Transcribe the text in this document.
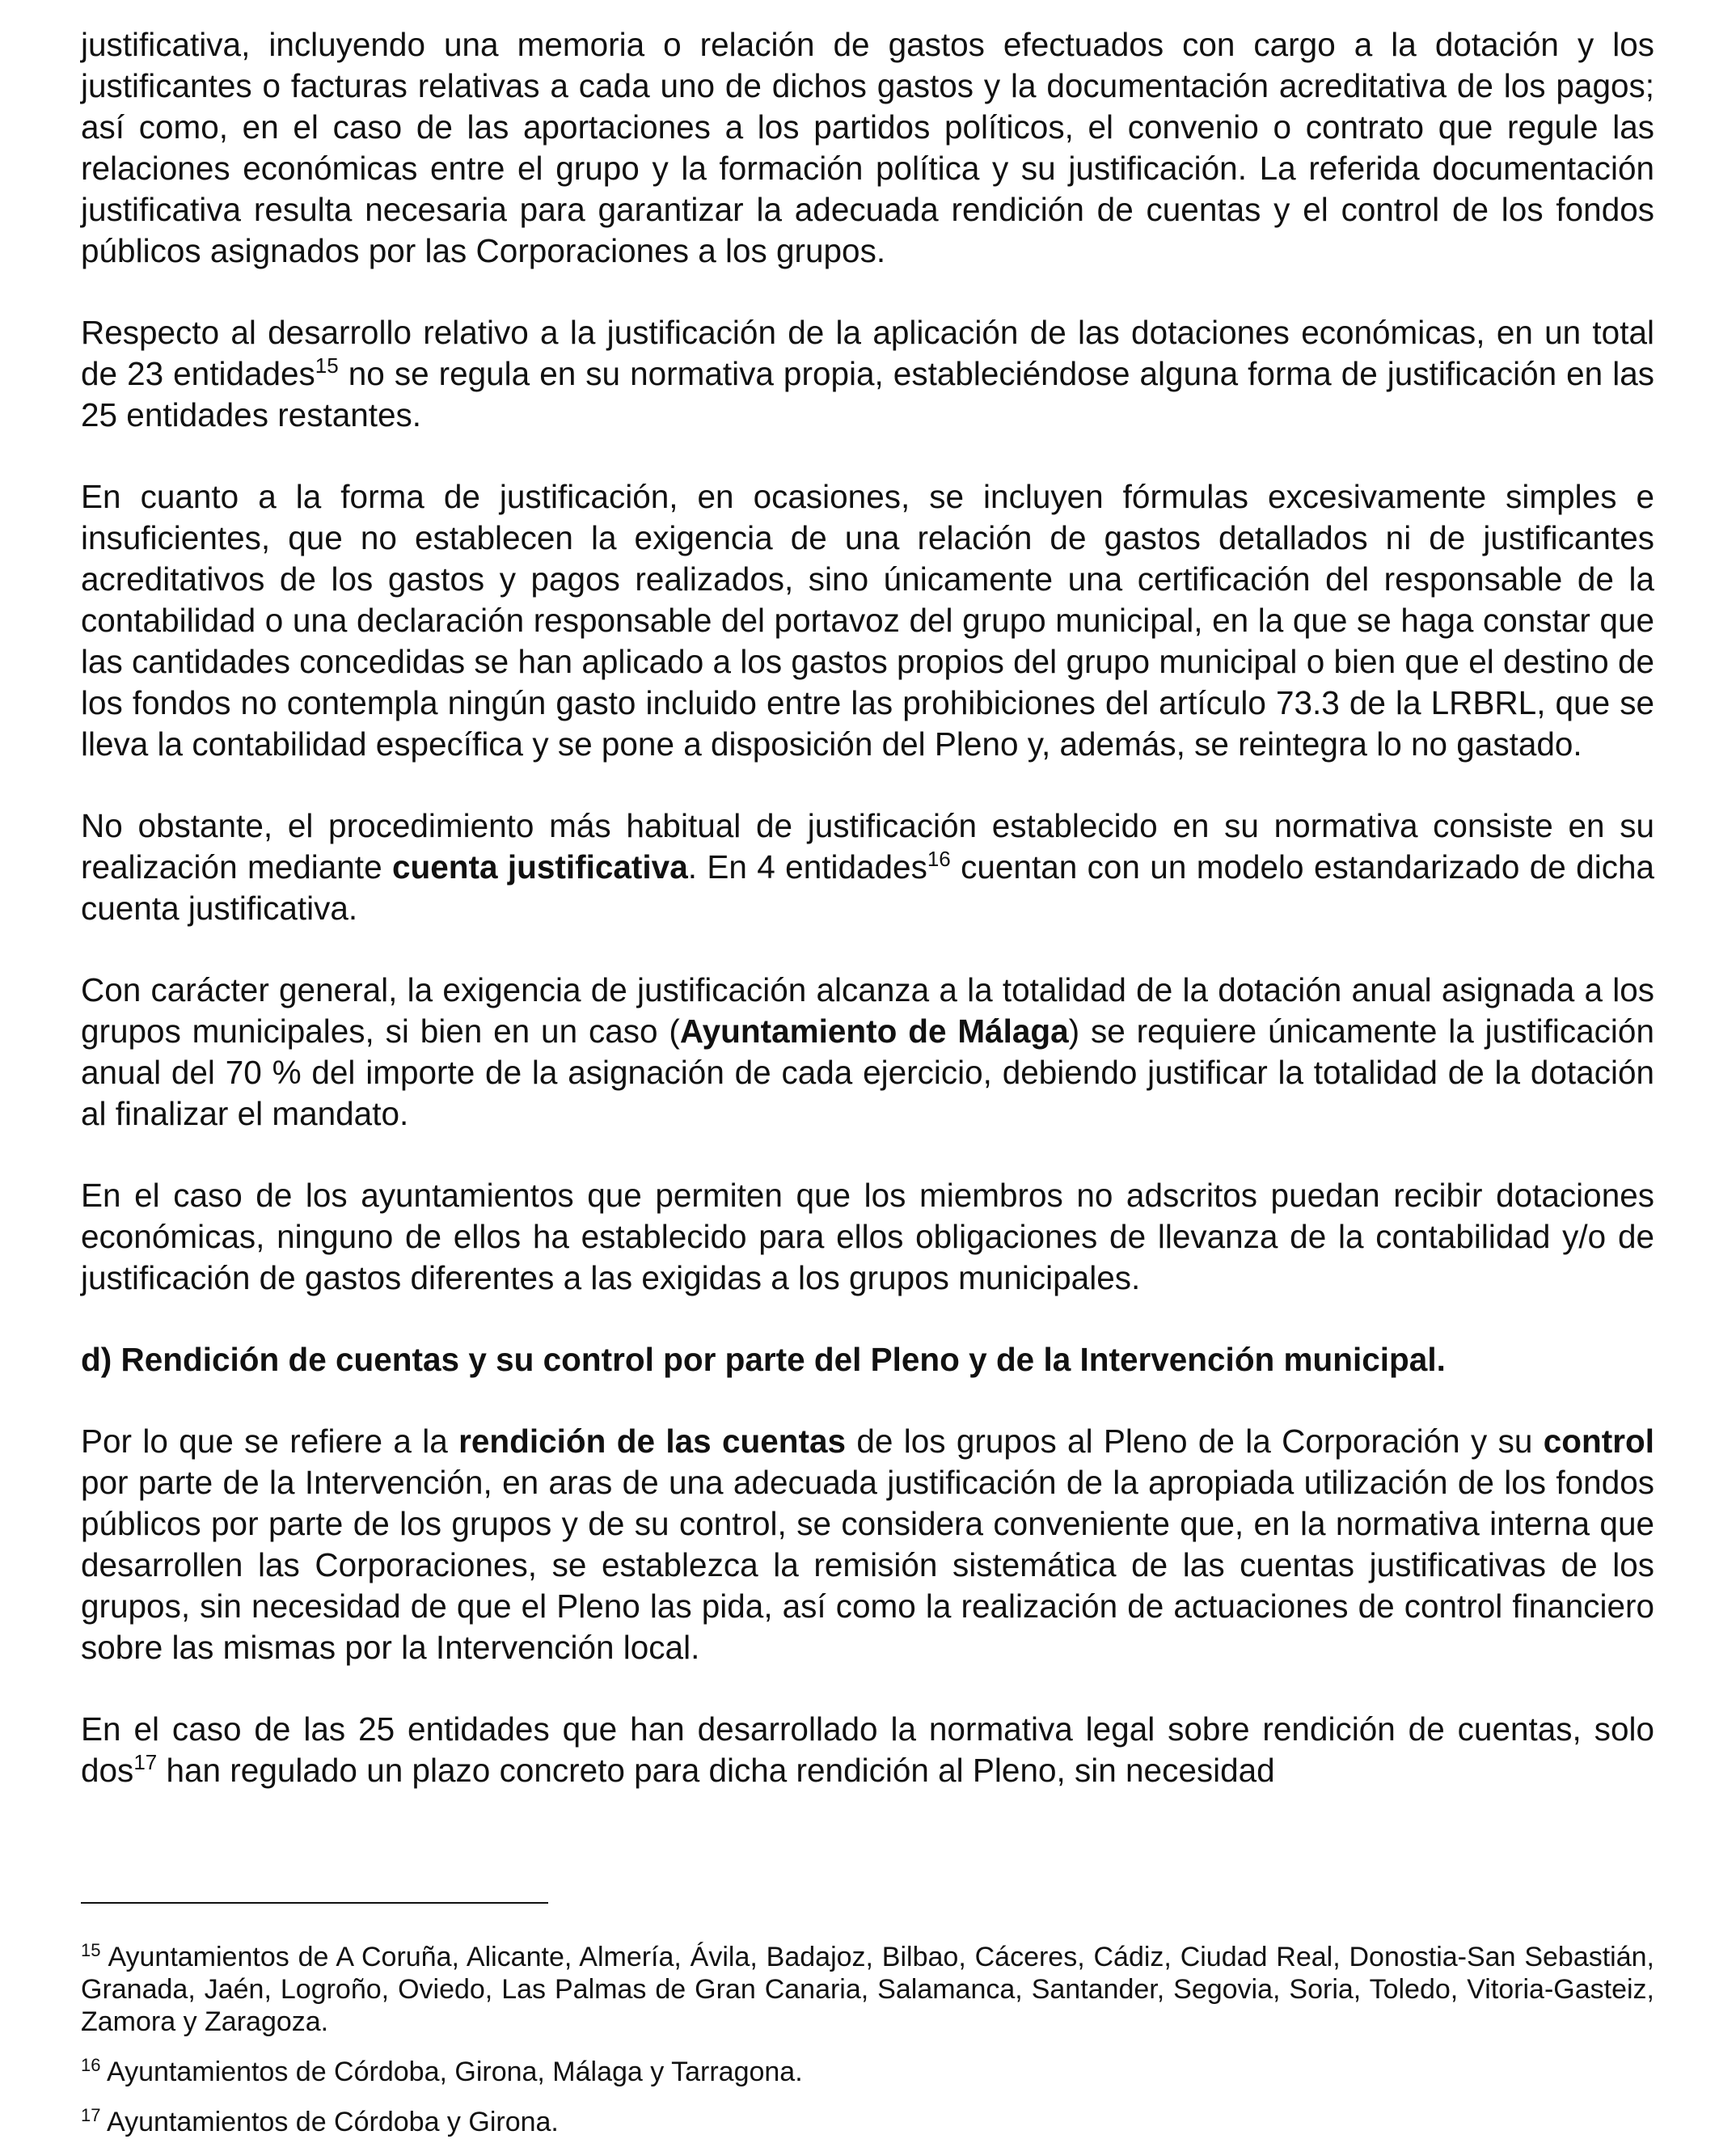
justificativa, incluyendo una memoria o relación de gastos efectuados con cargo a la dotación y los justificantes o facturas relativas a cada uno de dichos gastos y la documentación acreditativa de los pagos; así como, en el caso de las aportaciones a los partidos políticos, el convenio o contrato que regule las relaciones económicas entre el grupo y la formación política y su justificación. La referida documentación justificativa resulta necesaria para garantizar la adecuada rendición de cuentas y el control de los fondos públicos asignados por las Corporaciones a los grupos.

Respecto al desarrollo relativo a la justificación de la aplicación de las dotaciones económicas, en un total de 23 entidades$^{15}$ no se regula en su normativa propia, estableciéndose alguna forma de justificación en las 25 entidades restantes.

En cuanto a la forma de justificación, en ocasiones, se incluyen fórmulas excesivamente simples e insuficientes, que no establecen la exigencia de una relación de gastos detallados ni de justificantes acreditativos de los gastos y pagos realizados, sino únicamente una certificación del responsable de la contabilidad o una declaración responsable del portavoz del grupo municipal, en la que se haga constar que las cantidades concedidas se han aplicado a los gastos propios del grupo municipal o bien que el destino de los fondos no contempla ningún gasto incluido entre las prohibiciones del artículo 73.3 de la LRBRL, que se lleva la contabilidad específica y se pone a disposición del Pleno y, además, se reintegra lo no gastado.

No obstante, el procedimiento más habitual de justificación establecido en su normativa consiste en su realización mediante cuenta justificativa. En 4 entidades$^{16}$ cuentan con un modelo estandarizado de dicha cuenta justificativa.

Con carácter general, la exigencia de justificación alcanza a la totalidad de la dotación anual asignada a los grupos municipales, si bien en un caso (Ayuntamiento de Málaga) se requiere únicamente la justificación anual del 70 % del importe de la asignación de cada ejercicio, debiendo justificar la totalidad de la dotación al finalizar el mandato.

En el caso de los ayuntamientos que permiten que los miembros no adscritos puedan recibir dotaciones económicas, ninguno de ellos ha establecido para ellos obligaciones de llevanza de la contabilidad y/o de justificación de gastos diferentes a las exigidas a los grupos municipales.

d) Rendición de cuentas y su control por parte del Pleno y de la Intervención municipal.

Por lo que se refiere a la rendición de las cuentas de los grupos al Pleno de la Corporación y su control por parte de la Intervención, en aras de una adecuada justificación de la apropiada utilización de los fondos públicos por parte de los grupos y de su control, se considera conveniente que, en la normativa interna que desarrollen las Corporaciones, se establezca la remisión sistemática de las cuentas justificativas de los grupos, sin necesidad de que el Pleno las pida, así como la realización de actuaciones de control financiero sobre las mismas por la Intervención local.

En el caso de las 25 entidades que han desarrollado la normativa legal sobre rendición de cuentas, solo dos$^{17}$ han regulado un plazo concreto para dicha rendición al Pleno, sin necesidad

$^{15}$ Ayuntamientos de A Coruña, Alicante, Almería, Ávila, Badajoz, Bilbao, Cáceres, Cádiz, Ciudad Real, Donostia-San Sebastián, Granada, Jaén, Logroño, Oviedo, Las Palmas de Gran Canaria, Salamanca, Santander, Segovia, Soria, Toledo, Vitoria-Gasteiz, Zamora y Zaragoza.

$^{16}$ Ayuntamientos de Córdoba, Girona, Málaga y Tarragona.

$^{17}$ Ayuntamientos de Córdoba y Girona.
